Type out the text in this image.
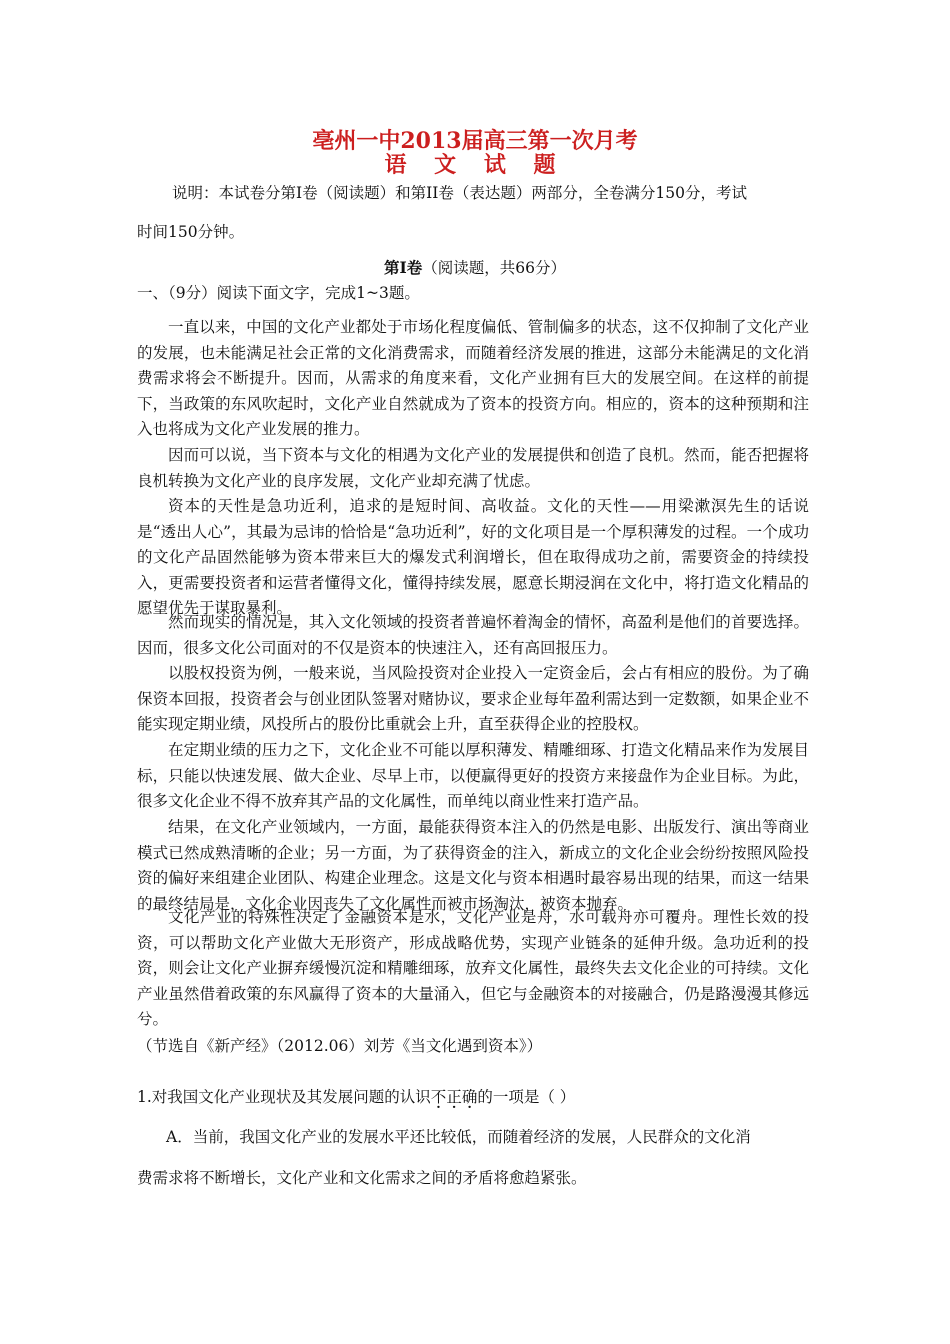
亳州一中2013届高三第一次月考
语 文 试 题
说明：本试卷分第Ⅰ卷（阅读题）和第II卷（表达题）两部分，全卷满分150分，考试
时间150分钟。
第Ⅰ卷（阅读题，共66分）
一、（9分）阅读下面文字，完成1~3题。

一直以来，中国的文化产业都处于市场化程度偏低、管制偏多的状态，这不仅抑制了文化产业的发展，也未能满足社会正常的文化消费需求，而随着经济发展的推进，这部分未能满足的文化消费需求将会不断提升。因而，从需求的角度来看，文化产业拥有巨大的发展空间。在这样的前提下，当政策的东风吹起时，文化产业自然就成为了资本的投资方向。相应的，资本的这种预期和注入也将成为文化产业发展的推力。

因而可以说，当下资本与文化的相遇为文化产业的发展提供和创造了良机。然而，能否把握将良机转换为文化产业的良序发展，文化产业却充满了忧虑。

资本的天性是急功近利，追求的是短时间、高收益。文化的天性——用梁漱溟先生的话说是“透出人心”，其最为忌讳的恰恰是“急功近利”，好的文化项目是一个厚积薄发的过程。一个成功的文化产品固然能够为资本带来巨大的爆发式利润增长，但在取得成功之前，需要资金的持续投入，更需要投资者和运营者懂得文化，懂得持续发展，愿意长期浸润在文化中，将打造文化精品的愿望优先于谋取暴利。

然而现实的情况是，其入文化领域的投资者普遍怀着淘金的情怀，高盈利是他们的首要选择。因而，很多文化公司面对的不仅是资本的快速注入，还有高回报压力。

以股权投资为例，一般来说，当风险投资对企业投入一定资金后，会占有相应的股份。为了确保资本回报，投资者会与创业团队签署对赌协议，要求企业每年盈利需达到一定数额，如果企业不能实现定期业绩，风投所占的股份比重就会上升，直至获得企业的控股权。

在定期业绩的压力之下，文化企业不可能以厚积薄发、精雕细琢、打造文化精品来作为发展目标，只能以快速发展、做大企业、尽早上市，以便赢得更好的投资方来接盘作为企业目标。为此，很多文化企业不得不放弃其产品的文化属性，而单纯以商业性来打造产品。

结果，在文化产业领域内，一方面，最能获得资本注入的仍然是电影、出版发行、演出等商业模式已然成熟清晰的企业；另一方面，为了获得资金的注入，新成立的文化企业会纷纷按照风险投资的偏好来组建企业团队、构建企业理念。这是文化与资本相遇时最容易出现的结果，而这一结果的最终结局是，文化企业因丧失了文化属性而被市场淘汰，被资本抛弃。

文化产业的特殊性决定了金融资本是水，文化产业是舟，水可载舟亦可覆舟。理性长效的投资，可以帮助文化产业做大无形资产，形成战略优势，实现产业链条的延伸升级。急功近利的投资，则会让文化产业摒弃缓慢沉淀和精雕细琢，放弃文化属性，最终失去文化企业的可持续。文化产业虽然借着政策的东风赢得了资本的大量涌入，但它与金融资本的对接融合，仍是路漫漫其修远兮。

（节选自《新产经》（2012.06）刘芳《当文化遇到资本》）
1.对我国文化产业现状及其发展问题的认识不正确的一项是（ ）
A．当前，我国文化产业的发展水平还比较低，而随着经济的发展，人民群众的文化消
费需求将不断增长，文化产业和文化需求之间的矛盾将愈趋紧张。
